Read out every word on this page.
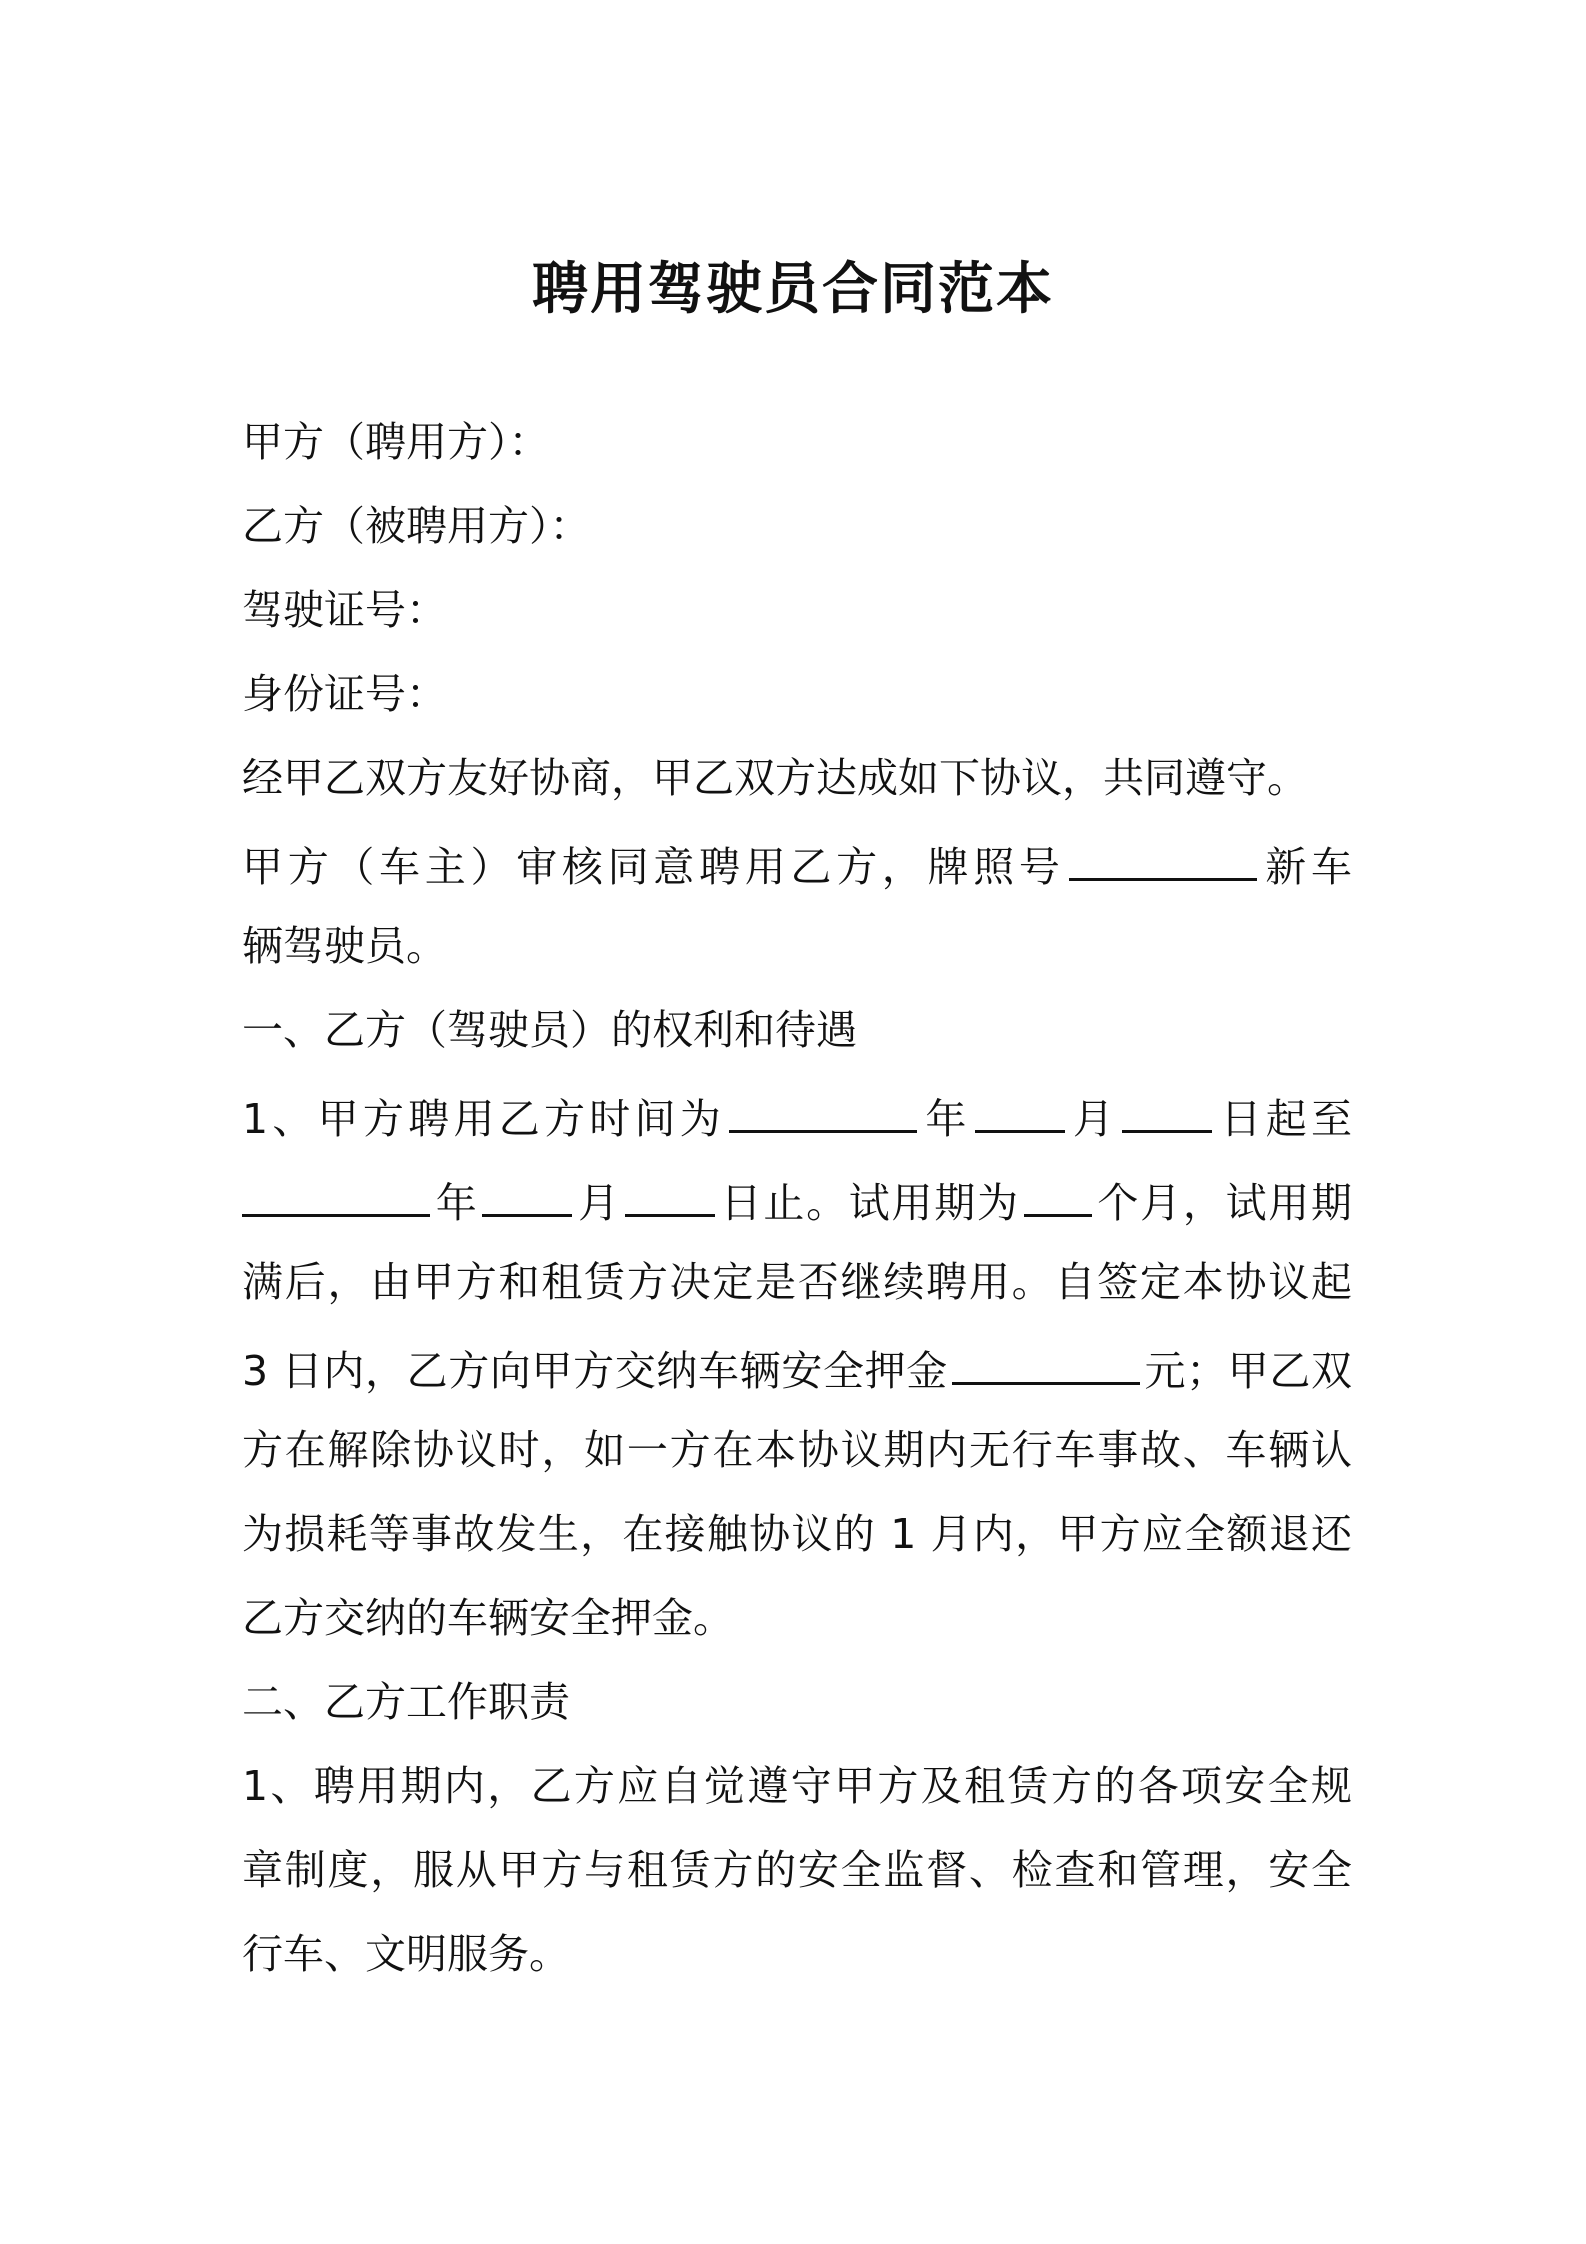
聘用驾驶员合同范本
甲方（聘用方）：
乙方（被聘用方）：
驾驶证号：
身份证号：
经甲乙双方友好协商，甲乙双方达成如下协议，共同遵守。
甲方（车主）审核同意聘用乙方，牌照号	新车
辆驾驶员。
一、乙方（驾驶员）的权利和待遇
1、甲方聘用乙方时间为	年 月 日起至
年 月 日止。试用期为 个月，试用期
满后，由甲方和租赁方决定是否继续聘用。自签定本协议起
3 日内，乙方向甲方交纳车辆安全押金	元；甲乙双
方在解除协议时，如一方在本协议期内无行车事故、车辆认
为损耗等事故发生，在接触协议的 1 月内，甲方应全额退还
乙方交纳的车辆安全押金。
二、乙方工作职责
1、聘用期内，乙方应自觉遵守甲方及租赁方的各项安全规
章制度，服从甲方与租赁方的安全监督、检查和管理，安全
行车、文明服务。
